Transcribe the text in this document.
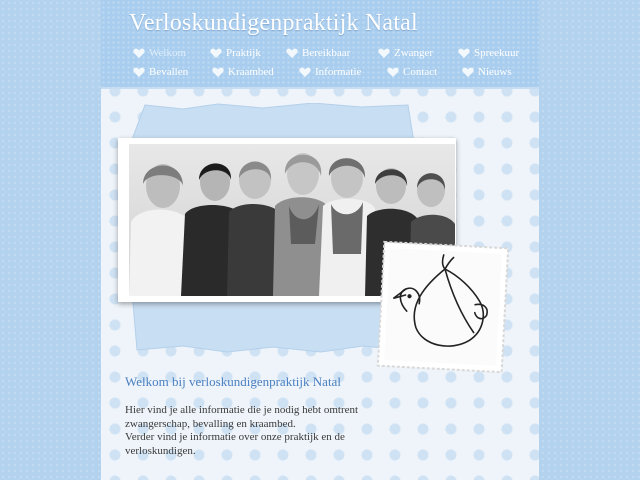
Verloskundigenpraktijk Natal
Welkom	Praktijk	Bereikbaar	Zwanger	Spreekuur
Bevallen	Kraambed	Informatie	Contact	Nieuws
Welkom bij verloskundigenpraktijk Natal

Hier vind je alle informatie die je nodig hebt omtrent zwangerschap, bevalling en kraambed.

Verder vind je informatie over onze praktijk en de verloskundigen.
